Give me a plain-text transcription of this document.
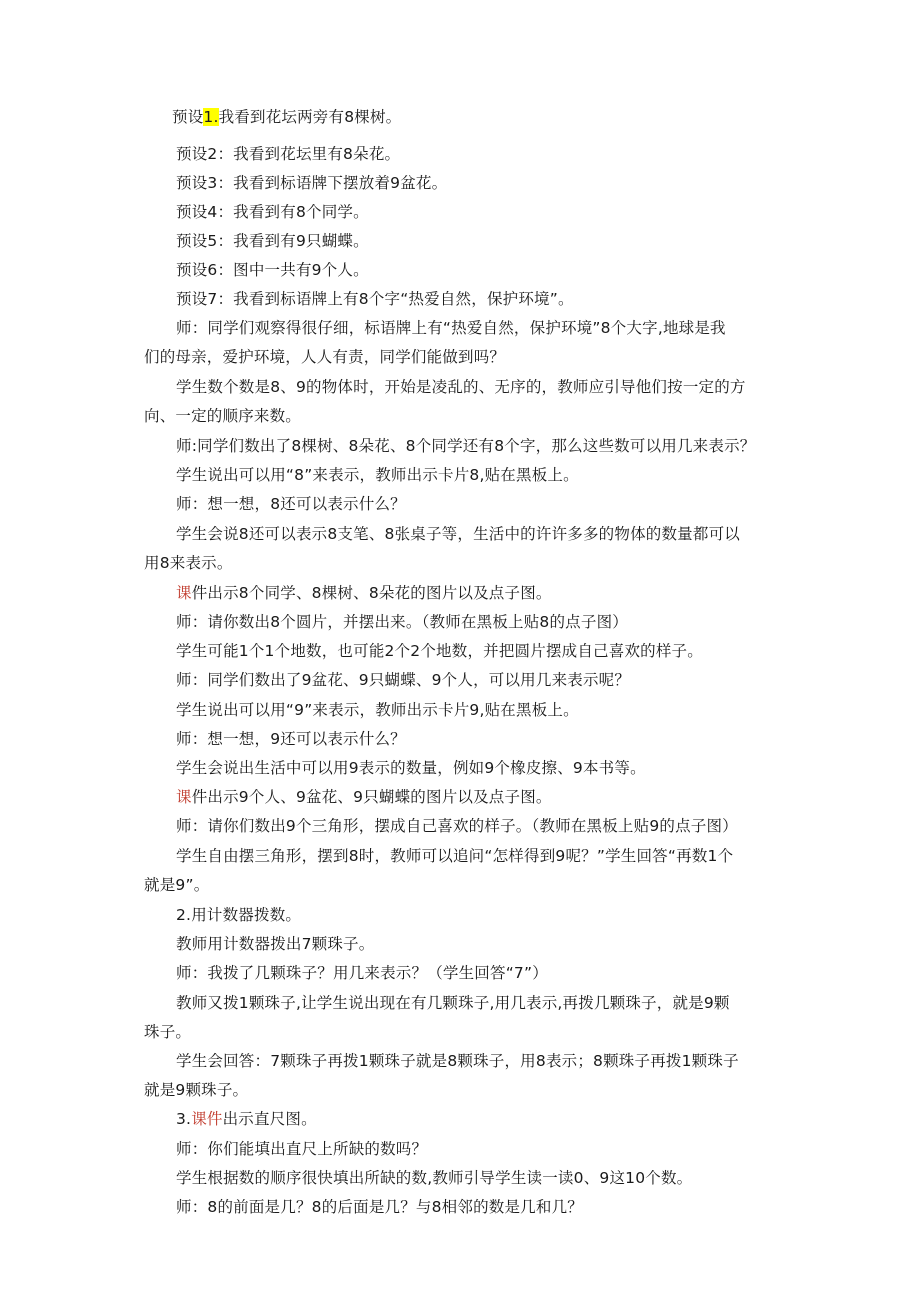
预设1.我看到花坛两旁有8棵树。
预设2：我看到花坛里有8朵花。
预设3：我看到标语牌下摆放着9盆花。
预设4：我看到有8个同学。
预设5：我看到有9只蝴蝶。
预设6：图中一共有9个人。
预设7：我看到标语牌上有8个字“热爱自然，保护环境”。
师：同学们观察得很仔细，标语牌上有“热爱自然，保护环境”8个大字,地球是我
们的母亲，爱护环境，人人有责，同学们能做到吗？
学生数个数是8、9的物体时，开始是凌乱的、无序的，教师应引导他们按一定的方
向、一定的顺序来数。
师:同学们数出了8棵树、8朵花、8个同学还有8个字，那么这些数可以用几来表示？
学生说出可以用“8”来表示，教师出示卡片8,贴在黑板上。
师：想一想，8还可以表示什么？
学生会说8还可以表示8支笔、8张桌子等，生活中的许许多多的物体的数量都可以
用8来表示。
课件出示8个同学、8棵树、8朵花的图片以及点子图。
师：请你数出8个圆片，并摆出来。（教师在黑板上贴8的点子图）
学生可能1个1个地数，也可能2个2个地数，并把圆片摆成自己喜欢的样子。
师：同学们数出了9盆花、9只蝴蝶、9个人，可以用几来表示呢？
学生说出可以用“9”来表示，教师出示卡片9,贴在黑板上。
师：想一想，9还可以表示什么？
学生会说出生活中可以用9表示的数量，例如9个橡皮擦、9本书等。
课件出示9个人、9盆花、9只蝴蝶的图片以及点子图。
师：请你们数出9个三角形，摆成自己喜欢的样子。（教师在黑板上贴9的点子图）
学生自由摆三角形，摆到8时，教师可以追问“怎样得到9呢？”学生回答“再数1个
就是9”。
2.用计数器拨数。
教师用计数器拨出7颗珠子。
师：我拨了几颗珠子？用几来表示？（学生回答“7”）
教师又拨1颗珠子,让学生说出现在有几颗珠子,用几表示,再拨几颗珠子，就是9颗
珠子。
学生会回答：7颗珠子再拨1颗珠子就是8颗珠子，用8表示；8颗珠子再拨1颗珠子
就是9颗珠子。
3.课件出示直尺图。
师：你们能填出直尺上所缺的数吗？
学生根据数的顺序很快填出所缺的数,教师引导学生读一读0、9这10个数。
师：8的前面是几？8的后面是几？与8相邻的数是几和几？
